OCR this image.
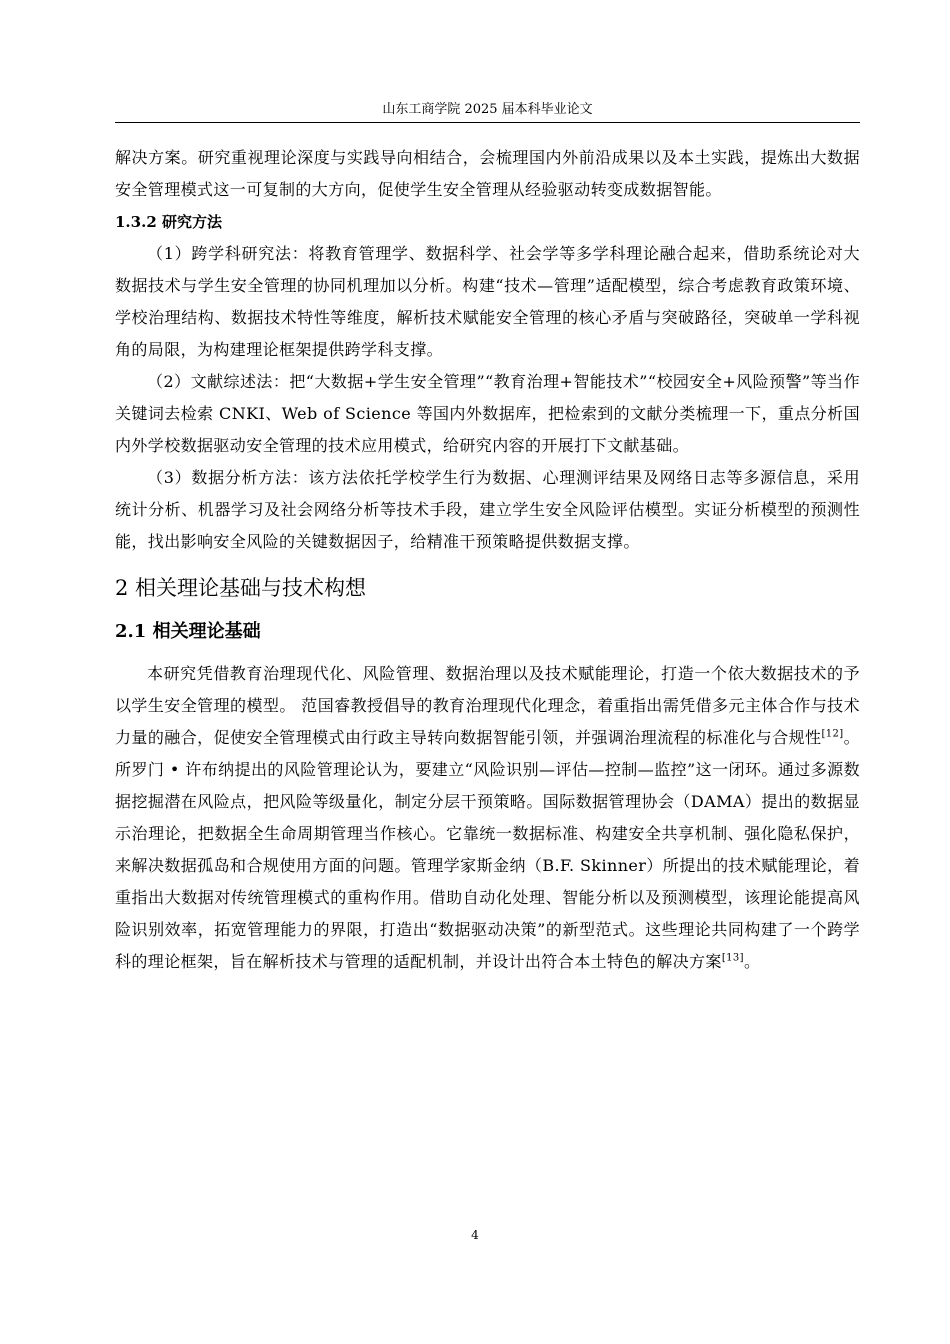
山东工商学院 2025 届本科毕业论文

解决方案。研究重视理论深度与实践导向相结合，会梳理国内外前沿成果以及本土实践，提炼出大数据安全管理模式这一可复制的大方向，促使学生安全管理从经验驱动转变成数据智能。

1.3.2 研究方法

（1）跨学科研究法：将教育管理学、数据科学、社会学等多学科理论融合起来，借助系统论对大数据技术与学生安全管理的协同机理加以分析。构建“技术—管理”适配模型，综合考虑教育政策环境、学校治理结构、数据技术特性等维度，解析技术赋能安全管理的核心矛盾与突破路径，突破单一学科视角的局限，为构建理论框架提供跨学科支撑。

（2）文献综述法：把“大数据+学生安全管理”“教育治理+智能技术”“校园安全+风险预警”等当作关键词去检索 CNKI、Web of Science 等国内外数据库，把检索到的文献分类梳理一下，重点分析国内外学校数据驱动安全管理的技术应用模式，给研究内容的开展打下文献基础。

（3）数据分析方法：该方法依托学校学生行为数据、心理测评结果及网络日志等多源信息，采用统计分析、机器学习及社会网络分析等技术手段，建立学生安全风险评估模型。实证分析模型的预测性能，找出影响安全风险的关键数据因子，给精准干预策略提供数据支撑。

2 相关理论基础与技术构想
2.1 相关理论基础

本研究凭借教育治理现代化、风险管理、数据治理以及技术赋能理论，打造一个依大数据技术的予以学生安全管理的模型。 范国睿教授倡导的教育治理现代化理念，着重指出需凭借多元主体合作与技术力量的融合，促使安全管理模式由行政主导转向数据智能引领，并强调治理流程的标准化与合规性[12]。所罗门 • 许布纳提出的风险管理论认为，要建立“风险识别—评估—控制—监控”这一闭环。通过多源数据挖掘潜在风险点，把风险等级量化，制定分层干预策略。国际数据管理协会（DAMA）提出的数据显示治理论，把数据全生命周期管理当作核心。它靠统一数据标准、构建安全共享机制、强化隐私保护，来解决数据孤岛和合规使用方面的问题。管理学家斯金纳（B.F. Skinner）所提出的技术赋能理论，着重指出大数据对传统管理模式的重构作用。借助自动化处理、智能分析以及预测模型，该理论能提高风险识别效率，拓宽管理能力的界限，打造出“数据驱动决策”的新型范式。这些理论共同构建了一个跨学科的理论框架，旨在解析技术与管理的适配机制，并设计出符合本土特色的解决方案[13]。

4
